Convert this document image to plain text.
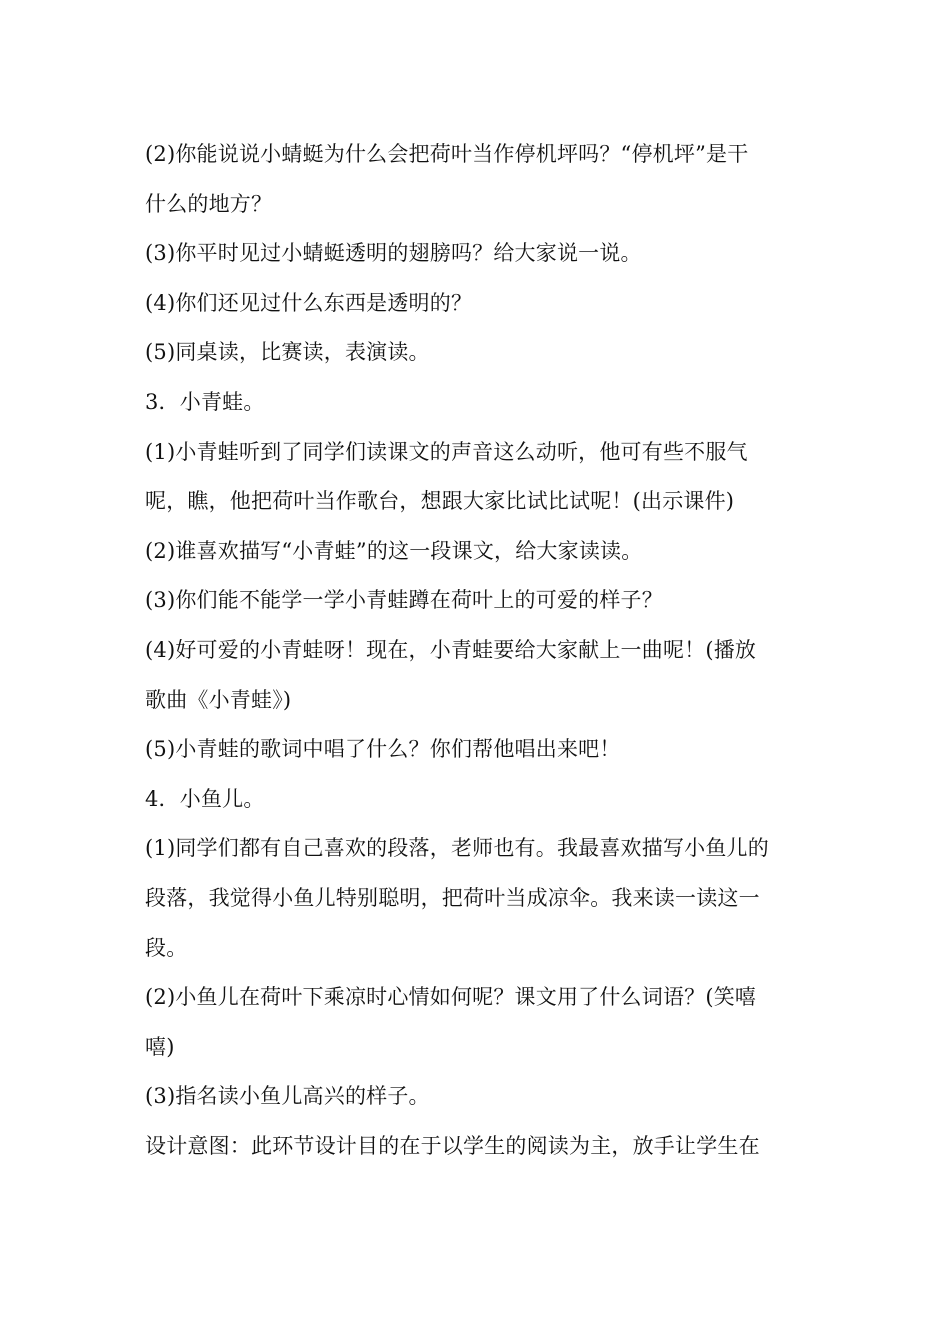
(2)你能说说小蜻蜓为什么会把荷叶当作停机坪吗？“停机坪”是干
什么的地方？
(3)你平时见过小蜻蜓透明的翅膀吗？给大家说一说。
(4)你们还见过什么东西是透明的？
(5)同桌读，比赛读，表演读。
3．小青蛙。
(1)小青蛙听到了同学们读课文的声音这么动听，他可有些不服气
呢，瞧，他把荷叶当作歌台，想跟大家比试比试呢！(出示课件)
(2)谁喜欢描写“小青蛙”的这一段课文，给大家读读。
(3)你们能不能学一学小青蛙蹲在荷叶上的可爱的样子？
(4)好可爱的小青蛙呀！现在，小青蛙要给大家献上一曲呢！(播放
歌曲《小青蛙》)
(5)小青蛙的歌词中唱了什么？你们帮他唱出来吧！
4．小鱼儿。
(1)同学们都有自己喜欢的段落，老师也有。我最喜欢描写小鱼儿的
段落，我觉得小鱼儿特别聪明，把荷叶当成凉伞。我来读一读这一
段。
(2)小鱼儿在荷叶下乘凉时心情如何呢？课文用了什么词语？(笑嘻
嘻)
(3)指名读小鱼儿高兴的样子。
设计意图：此环节设计目的在于以学生的阅读为主，放手让学生在
